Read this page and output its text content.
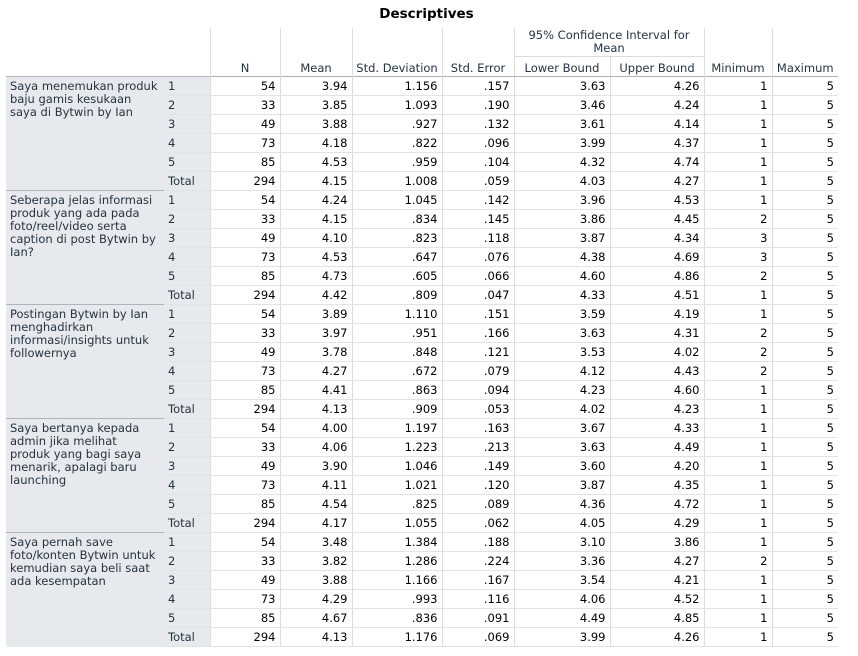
Descriptives
		N	Mean	Std. Deviation	Std. Error	95% Confidence Interval for Mean		Minimum	Maximum
						Lower Bound	Upper Bound		
Saya menemukan produk baju gamis kesukaan saya di Bytwin by Ian	1	54	3.94	1.156	.157	3.63	4.26	1	5
	2	33	3.85	1.093	.190	3.46	4.24	1	5
	3	49	3.88	.927	.132	3.61	4.14	1	5
	4	73	4.18	.822	.096	3.99	4.37	1	5
	5	85	4.53	.959	.104	4.32	4.74	1	5
	Total	294	4.15	1.008	.059	4.03	4.27	1	5
Seberapa jelas informasi produk yang ada pada foto/reel/video serta caption di post Bytwin by Ian?	1	54	4.24	1.045	.142	3.96	4.53	1	5
	2	33	4.15	.834	.145	3.86	4.45	2	5
	3	49	4.10	.823	.118	3.87	4.34	3	5
	4	73	4.53	.647	.076	4.38	4.69	3	5
	5	85	4.73	.605	.066	4.60	4.86	2	5
	Total	294	4.42	.809	.047	4.33	4.51	1	5
Postingan Bytwin by Ian menghadirkan informasi/insights untuk followernya	1	54	3.89	1.110	.151	3.59	4.19	1	5
	2	33	3.97	.951	.166	3.63	4.31	2	5
	3	49	3.78	.848	.121	3.53	4.02	2	5
	4	73	4.27	.672	.079	4.12	4.43	2	5
	5	85	4.41	.863	.094	4.23	4.60	1	5
	Total	294	4.13	.909	.053	4.02	4.23	1	5
Saya bertanya kepada admin jika melihat produk yang bagi saya menarik, apalagi baru launching	1	54	4.00	1.197	.163	3.67	4.33	1	5
	2	33	4.06	1.223	.213	3.63	4.49	1	5
	3	49	3.90	1.046	.149	3.60	4.20	1	5
	4	73	4.11	1.021	.120	3.87	4.35	1	5
	5	85	4.54	.825	.089	4.36	4.72	1	5
	Total	294	4.17	1.055	.062	4.05	4.29	1	5
Saya pernah save foto/konten Bytwin untuk kemudian saya beli saat ada kesempatan	1	54	3.48	1.384	.188	3.10	3.86	1	5
	2	33	3.82	1.286	.224	3.36	4.27	2	5
	3	49	3.88	1.166	.167	3.54	4.21	1	5
	4	73	4.29	.993	.116	4.06	4.52	1	5
	5	85	4.67	.836	.091	4.49	4.85	1	5
	Total	294	4.13	1.176	.069	3.99	4.26	1	5
